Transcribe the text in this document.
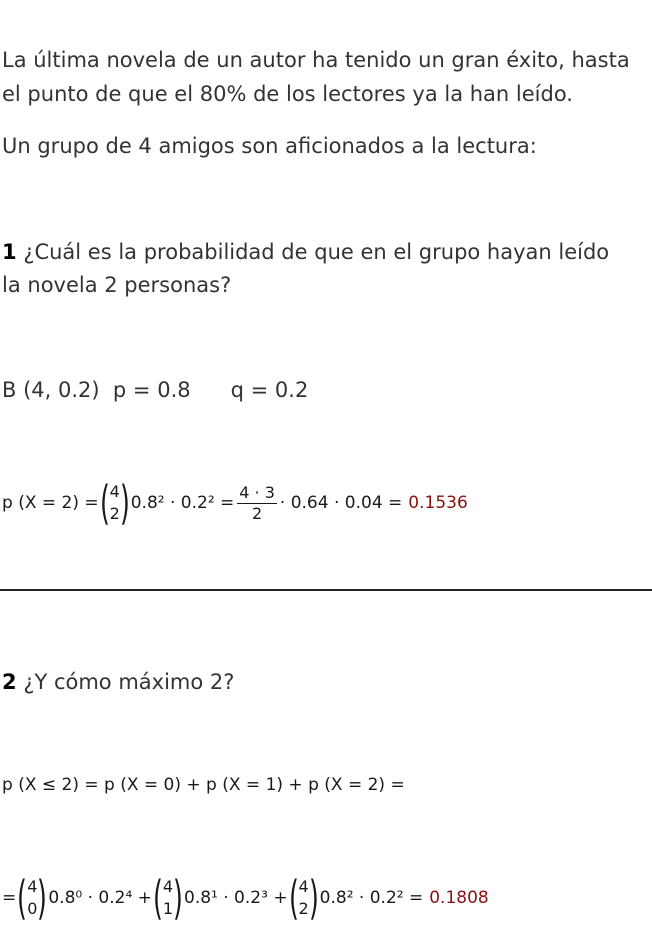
La última novela de un autor ha tenido un gran éxito, hasta

el punto de que el 80% de los lectores ya la han leído.

Un grupo de 4 amigos son aficionados a la lectura:

1 ¿Cuál es la probabilidad de que en el grupo hayan leído

la novela 2 personas?

B (4, 0.2)  p = 0.8      q = 0.2

p (X = 2) = ( 4
2 ) $0.8^2 \cdot 0.2^2 = \frac{4 \cdot 3}{2} \cdot 0.64 \cdot 0.04 = 0.1536$

2 ¿Y cómo máximo 2?

p (X ≤ 2) = p (X = 0) + p (X = 1) + p (X = 2) =
= ( 4
0 ) 0.8⁰ · 0.2⁴ + ( 4
1 ) 0.8¹ · 0.2³ + ( 4
2 ) 0.8² · 0.2² = 0.1808
